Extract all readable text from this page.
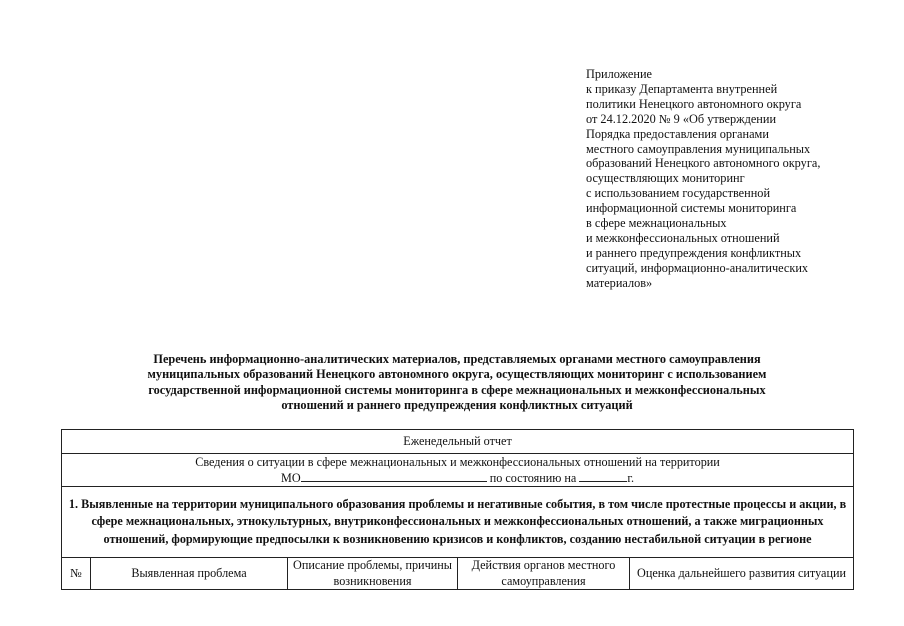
Приложение
к приказу Департамента внутренней
политики Ненецкого автономного округа
от 24.12.2020 № 9 «Об утверждении
Порядка предоставления органами
местного самоуправления муниципальных
образований Ненецкого автономного округа,
осуществляющих мониторинг
с использованием государственной
информационной системы мониторинга
в сфере межнациональных
и межконфессиональных отношений
и раннего предупреждения конфликтных
ситуаций, информационно-аналитических
материалов»
Перечень информационно-аналитических материалов, представляемых органами местного самоуправления
муниципальных образований Ненецкого автономного округа, осуществляющих мониторинг с использованием
государственной информационной системы мониторинга в сфере межнациональных и межконфессиональных
отношений и раннего предупреждения конфликтных ситуаций
Еженедельный отчет

Сведения о ситуации в сфере межнациональных и межконфессиональных отношений на территории
МО	по состоянию на	г.

1. Выявленные на территории муниципального образования проблемы и негативные события, в том числе протестные процессы и акции, в сфере межнациональных, этнокультурных, внутриконфессиональных и межконфессиональных отношений, а также миграционных отношений, формирующие предпосылки к возникновению кризисов и конфликтов, созданию нестабильной ситуации в регионе
№	Выявленная проблема	Описание проблемы, причины возникновения	Действия органов местного самоуправления	Оценка дальнейшего развития ситуации
